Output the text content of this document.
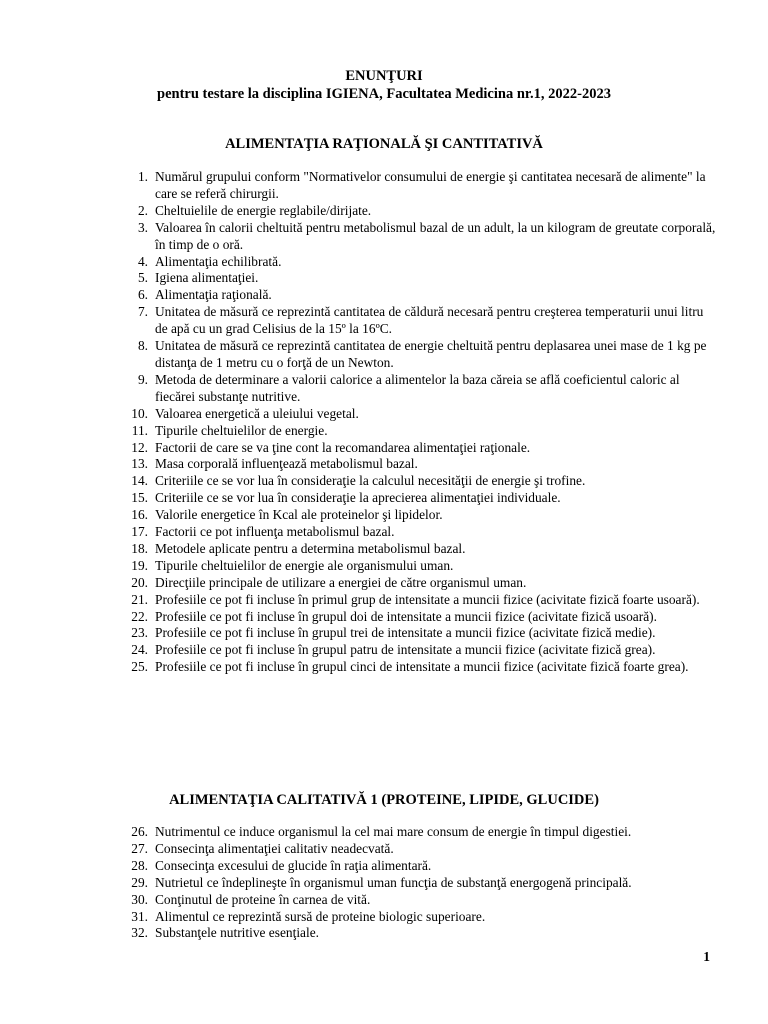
ENUNŢURI
pentru testare la disciplina IGIENA, Facultatea Medicina nr.1, 2022-2023
ALIMENTAŢIA RAŢIONALĂ ŞI CANTITATIVĂ
1. Numărul grupului conform "Normativelor consumului de energie şi cantitatea necesară de alimente" la care se referă chirurgii.
2. Cheltuielile de energie reglabile/dirijate.
3. Valoarea în calorii cheltuită pentru metabolismul bazal de un adult, la un kilogram de greutate corporală, în timp de o oră.
4. Alimentaţia echilibrată.
5. Igiena alimentaţiei.
6. Alimentaţia raţională.
7. Unitatea de măsură ce reprezintă cantitatea de căldură necesară pentru creşterea temperaturii unui litru de apă cu un grad Celisius de la 15º la 16ºC.
8. Unitatea de măsură ce reprezintă cantitatea de energie cheltuită pentru deplasarea unei mase de 1 kg pe distanţa de 1 metru cu o forţă de un Newton.
9. Metoda de determinare a valorii calorice a alimentelor la baza căreia se află coeficientul caloric al fiecărei substanţe nutritive.
10. Valoarea energetică a uleiului vegetal.
11. Tipurile cheltuielilor de energie.
12. Factorii de care se va ţine cont la recomandarea alimentaţiei raţionale.
13. Masa corporală influenţează metabolismul bazal.
14. Criteriile ce se vor lua în consideraţie la calculul necesităţii de energie şi trofine.
15. Criteriile ce se vor lua în consideraţie la aprecierea alimentaţiei individuale.
16. Valorile energetice în Kcal ale proteinelor şi lipidelor.
17. Factorii ce pot influenţa metabolismul bazal.
18. Metodele aplicate pentru a determina metabolismul bazal.
19. Tipurile cheltuielilor de energie ale organismului uman.
20. Direcţiile principale de utilizare a energiei de către organismul uman.
21. Profesiile ce pot fi incluse în primul grup de intensitate a muncii fizice (acivitate fizică foarte usoară).
22. Profesiile ce pot fi incluse în grupul doi de intensitate a muncii fizice (acivitate fizică usoară).
23. Profesiile ce pot fi incluse în grupul trei de intensitate a muncii fizice (acivitate fizică medie).
24. Profesiile ce pot fi incluse în grupul patru de intensitate a muncii fizice (acivitate fizică grea).
25. Profesiile ce pot fi incluse în grupul cinci de intensitate a muncii fizice (acivitate fizică foarte grea).
ALIMENTAŢIA CALITATIVĂ 1 (PROTEINE, LIPIDE, GLUCIDE)
26. Nutrimentul ce induce organismul la cel mai mare consum de energie în timpul digestiei.
27. Consecinţa alimentaţiei calitativ neadecvată.
28. Consecinţa excesului de glucide în raţia alimentară.
29. Nutrietul ce îndeplineşte în organismul uman funcţia de substanţă energogenă principală.
30. Conţinutul de proteine în carnea de vită.
31. Alimentul ce reprezintă sursă de proteine biologic superioare.
32. Substanţele nutritive esenţiale.
1
